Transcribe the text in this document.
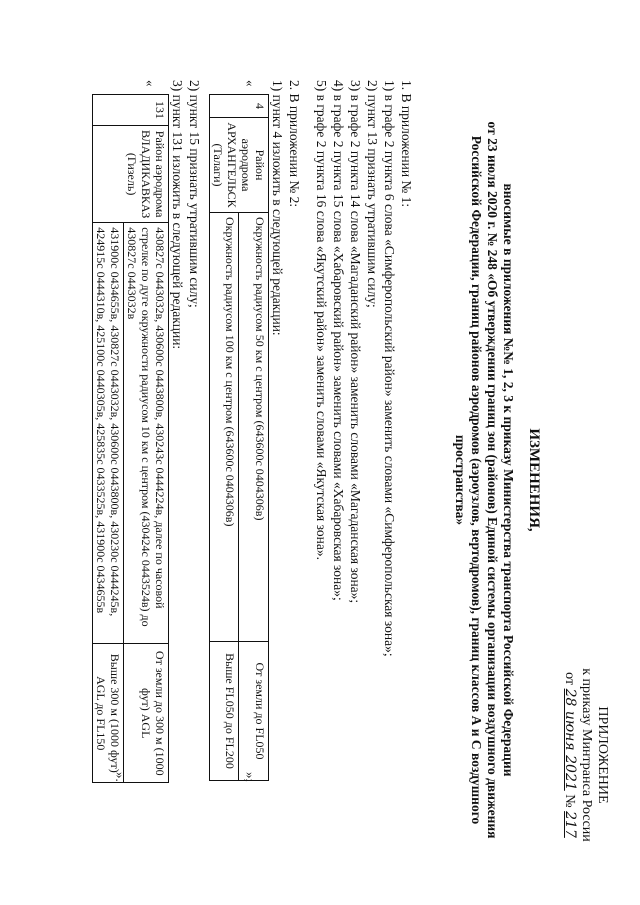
ПРИЛОЖЕНИЕ
к приказу Минтранса России
от 28 июня 2021 № 217
ИЗМЕНЕНИЯ,
вносимые в приложения №№ 1, 2, 3 к приказу Министерства транспорта Российской Федерации
от 23 июля 2020 г. № 248 «Об утверждении границ зон (районов) Единой системы организации воздушного движения
Российской Федерации, границ районов аэродромов (аэроузлов, вертодромов), границ классов А и С воздушного
пространства»

1. В приложении № 1:

1) в графе 2 пункта 6 слова «Симферопольский район» заменить словами «Симферопольская зона»;

2) пункт 13 признать утратившим силу;

3) в графе 2 пункта 14 слова «Магаданский район» заменить словами «Магаданская зона»;

4) в графе 2 пункта 15 слова «Хабаровский район» заменить словами «Хабаровская зона»;

5) в графе 2 пункта 16 слова «Якутский район» заменить словами «Якутская зона».

2. В приложении № 2:

1) пункт 4 изложить в следующей редакции:

«
4	Район аэродрома АРХАНГЕЛЬСК (Талаги)	Окружность радиусом 50 км с центром (643600с 0404306в)	От земли до FL050
		Окружность радиусом 100 км с центром (643600с 0404306в)	Выше FL050 до FL200
»;

2) пункт 15 признать утратившим силу;

3) пункт 131 изложить в следующей редакции:

«
131	Район аэродрома ВЛАДИКАВКАЗ (Гизель)	430827с 0443032в, 430600с 0443800в, 430243с 0444224в, далее по часовой стрелке по дуге окружности радиусом 10 км с центром (430424с 0443524в) до 430827с 0443032в	От земли до 300 м (1000 фут) AGL
		431900с 0434655в, 430827с 0443032в, 430600с 0443800в, 430230с 0444245в, 424915с 0444310в, 425100с 0440305в, 425835с 0433525в, 431900с 0434655в	Выше 300 м (1000 фут) AGL до FL150
».
